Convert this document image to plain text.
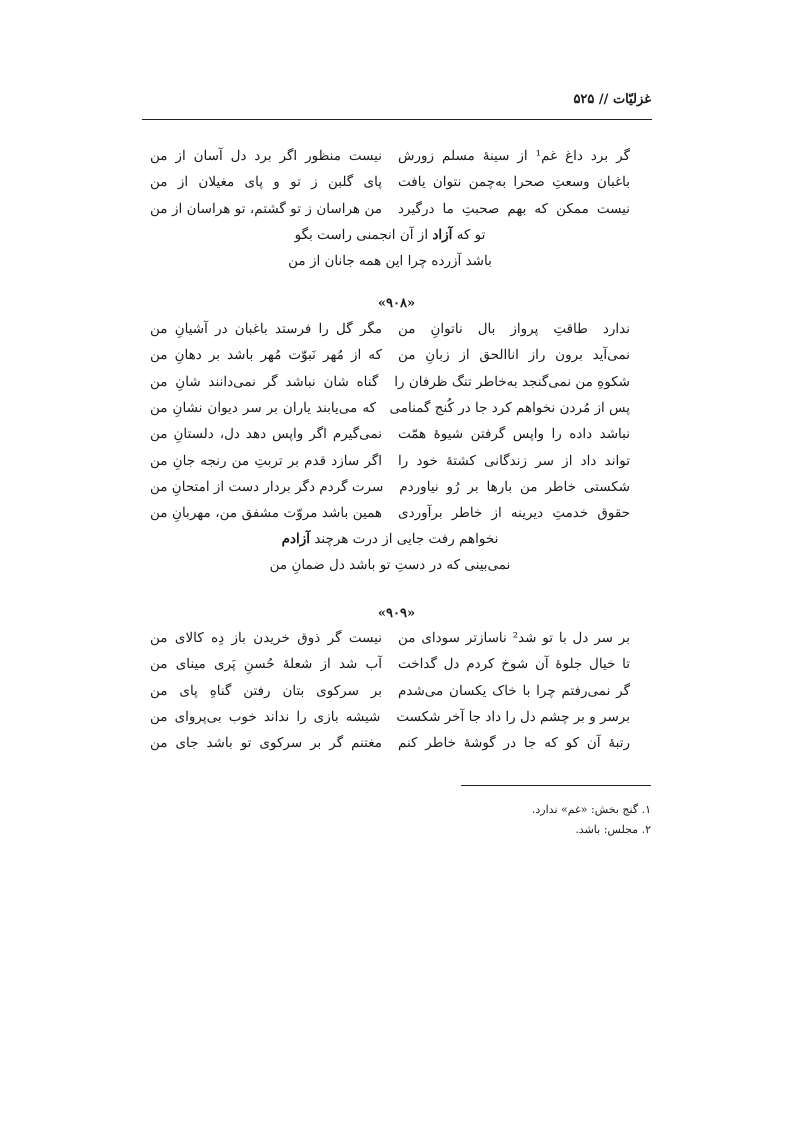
غزلیّات // ۵۲۵
گر برد داغ غم¹ از سینهٔ مسلم زورش
نیست منظور اگر برد دل آسان از من
باغبان وسعتِ صحرا به‌چمن نتوان یافت
پای گلبن ز تو و پای مغیلان از من
نیست ممکن که بهم صحبتِ ما درگیرد
من هراسان ز تو گشتم، تو هراسان از من
تو که آزاد از آن انجمنی راست بگو
باشد آزرده چرا این همه جانان از من
«۹۰۸»
ندارد طاقتِ پرواز بال ناتوانِ من
مگر گل را فرستد باغبان در آشیانِ من
نمی‌آید برون راز اناالحق از زبانِ من
که از مُهر نَبوّت مُهر باشد بر دهانِ من
شکوهِ من نمی‌گنجد به‌خاطر تنگ ظرفان را
گناه شان نباشد گر نمی‌دانند شانِ من
پس از مُردن نخواهم کرد جا در کُنج گمنامی
که می‌یابند یاران بر سر دیوان نشانِ من
نباشد داده را واپس گرفتن شیوهٔ همّت
نمی‌گیرم اگر واپس دهد دل، دلستانِ من
تواند داد از سر زندگانی کشتهٔ خود را
اگر سازد قدم بر تربتِ من رنجه جانِ من
شکستی خاطر من بارها بر رُو نیاوردم
سرت گردم دگر بردار دست از امتحانِ من
حقوق خدمتِ دیرینه از خاطر برآوردی
همین باشد مروّت مشفق من، مهربانِ من
نخواهم رفت جایی از درت هرچند آزادم
نمی‌بینی که در دستِ تو باشد دل ضمانِ من
«۹۰۹»
بر سر دل با تو شد² ناسازتر سودای من
نیست گر ذوق خریدن باز دِه کالای من
تا خیال جلوهٔ آن شوخ کردم دل گداخت
آب شد از شعلهٔ حُسنِ پَری مینای من
گر نمی‌رفتم چرا با خاک یکسان می‌شدم
بر سرکوی بتان رفتن گناهِ پای من
برسر و بر چشم دل را داد جا آخر شکست
شیشه بازی را نداند خوب بی‌پروای من
رتبهٔ آن کو که جا در گوشهٔ خاطر کنم
مغتنم گر بر سرکوی تو باشد جای من
۱. گنج بخش: «غم» ندارد.
۲. مجلس: باشد.
